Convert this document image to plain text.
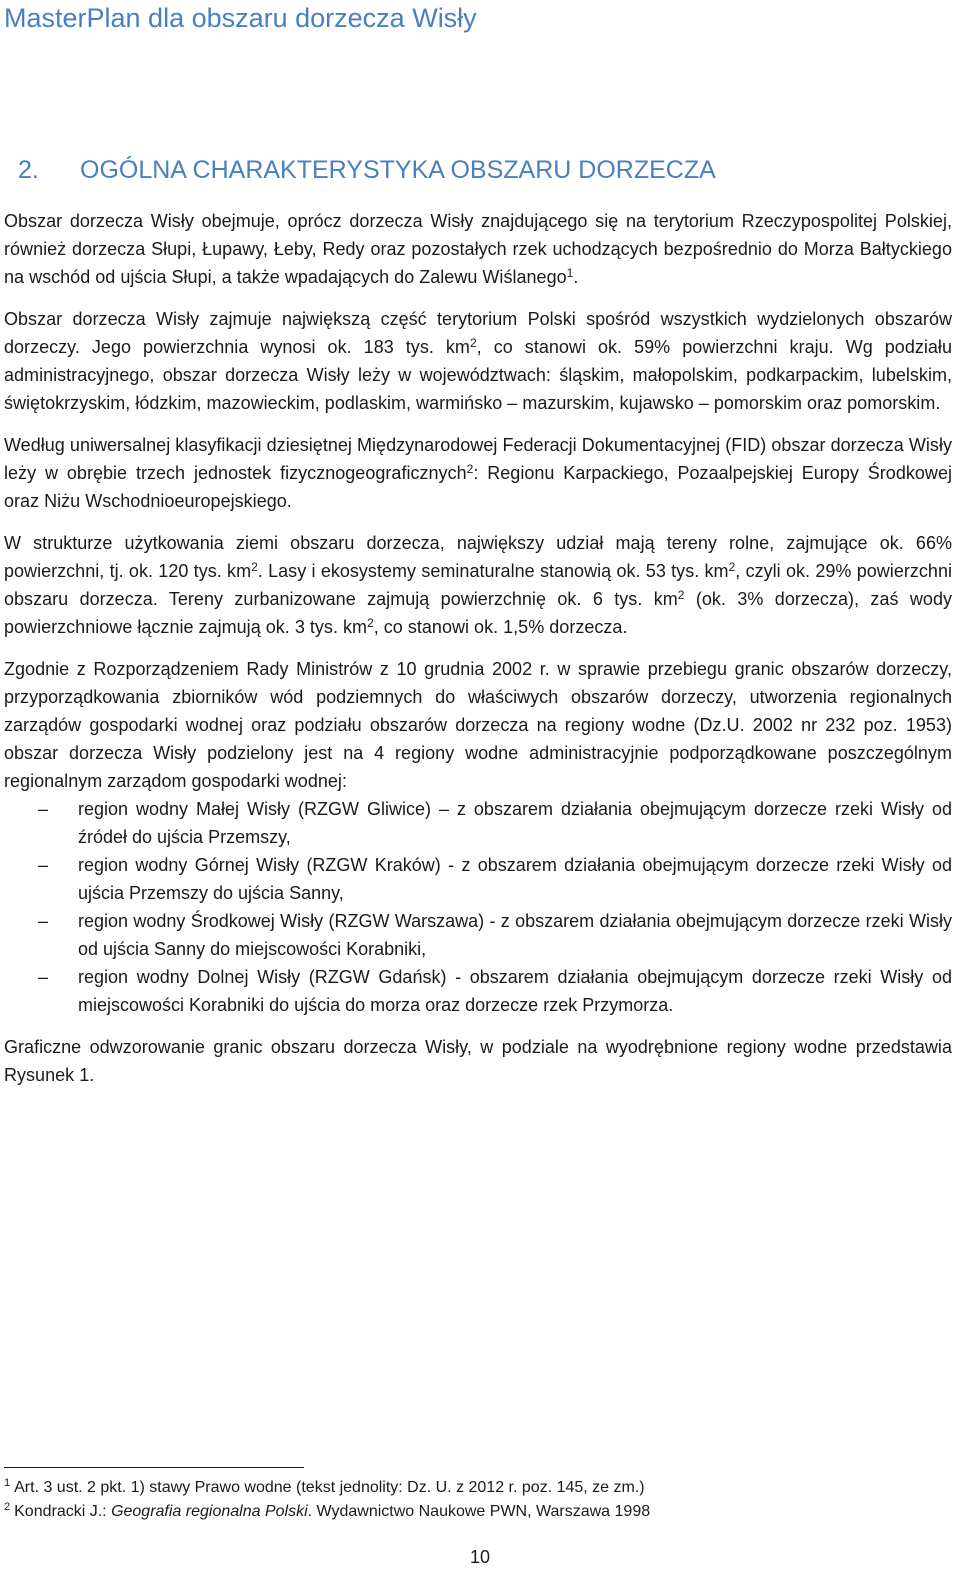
MasterPlan dla obszaru dorzecza Wisły
2. OGÓLNA CHARAKTERYSTYKA OBSZARU DORZECZA

Obszar dorzecza Wisły obejmuje, oprócz dorzecza Wisły znajdującego się na terytorium Rzeczypospolitej Polskiej, również dorzecza Słupi, Łupawy, Łeby, Redy oraz pozostałych rzek uchodzących bezpośrednio do Morza Bałtyckiego na wschód od ujścia Słupi, a także wpadających do Zalewu Wiślanego$^1$.

Obszar dorzecza Wisły zajmuje największą część terytorium Polski spośród wszystkich wydzielonych obszarów dorzeczy. Jego powierzchnia wynosi ok. 183 tys. $km^2$, co stanowi ok. 59% powierzchni kraju. Wg podziału administracyjnego, obszar dorzecza Wisły leży w województwach: śląskim, małopolskim, podkarpackim, lubelskim, świętokrzyskim, łódzkim, mazowieckim, podlaskim, warmińsko – mazurskim, kujawsko – pomorskim oraz pomorskim.

Według uniwersalnej klasyfikacji dziesiętnej Międzynarodowej Federacji Dokumentacyjnej (FID) obszar dorzecza Wisły leży w obrębie trzech jednostek fizycznogeograficznych$^2$: Regionu Karpackiego, Pozaalpejskiej Europy Środkowej oraz Niżu Wschodnioeuropejskiego.

W strukturze użytkowania ziemi obszaru dorzecza, największy udział mają tereny rolne, zajmujące ok. 66% powierzchni, tj. ok. 120 tys. $km^2$. Lasy i ekosystemy seminaturalne stanowią ok. 53 tys. $km^2$, czyli ok. 29% powierzchni obszaru dorzecza. Tereny zurbanizowane zajmują powierzchnię ok. 6 tys. $km^2$ (ok. 3% dorzecza), zaś wody powierzchniowe łącznie zajmują ok. 3 tys. $km^2$, co stanowi ok. 1,5% dorzecza.

Zgodnie z Rozporządzeniem Rady Ministrów z 10 grudnia 2002 r. w sprawie przebiegu granic obszarów dorzeczy, przyporządkowania zbiorników wód podziemnych do właściwych obszarów dorzeczy, utworzenia regionalnych zarządów gospodarki wodnej oraz podziału obszarów dorzecza na regiony wodne (Dz.U. 2002 nr 232 poz. 1953) obszar dorzecza Wisły podzielony jest na 4 regiony wodne administracyjnie podporządkowane poszczególnym regionalnym zarządom gospodarki wodnej:

–	region wodny Małej Wisły (RZGW Gliwice) – z obszarem działania obejmującym dorzecze rzeki Wisły od źródeł do ujścia Przemszy,
–	region wodny Górnej Wisły (RZGW Kraków) - z obszarem działania obejmującym dorzecze rzeki Wisły od ujścia Przemszy do ujścia Sanny,
–	region wodny Środkowej Wisły (RZGW Warszawa) - z obszarem działania obejmującym dorzecze rzeki Wisły od ujścia Sanny do miejscowości Korabniki,
–	region wodny Dolnej Wisły (RZGW Gdańsk) - obszarem działania obejmującym dorzecze rzeki Wisły od miejscowości Korabniki do ujścia do morza oraz dorzecze rzek Przymorza.

Graficzne odwzorowanie granic obszaru dorzecza Wisły, w podziale na wyodrębnione regiony wodne przedstawia Rysunek 1.

$^1$ Art. 3 ust. 2 pkt. 1) stawy Prawo wodne (tekst jednolity: Dz. U. z 2012 r. poz. 145, ze zm.)

$^2$ Kondracki J.: Geografia regionalna Polski. Wydawnictwo Naukowe PWN, Warszawa 1998

10
